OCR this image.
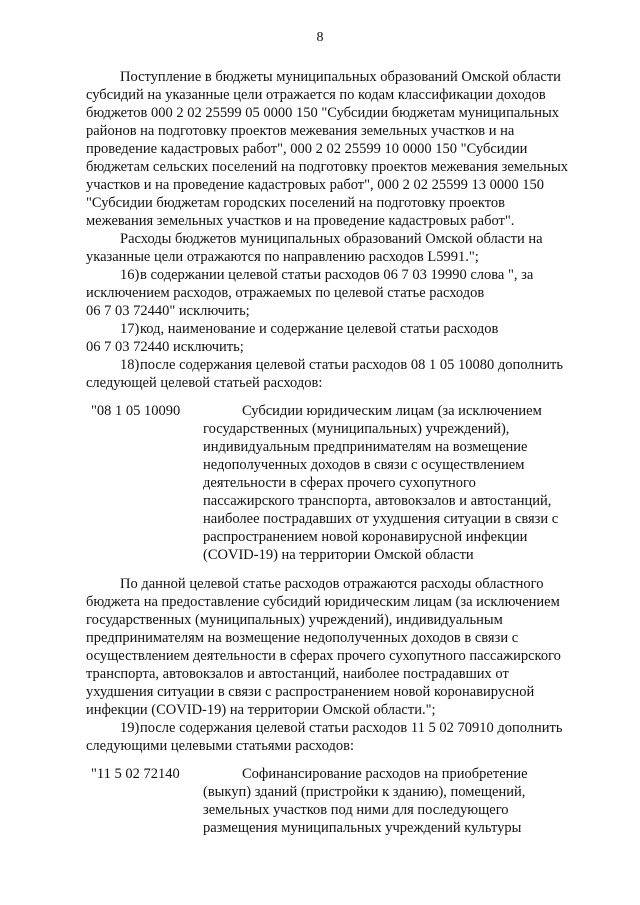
8
Поступление в бюджеты муниципальных образований Омской области
субсидий на указанные цели отражается по кодам классификации доходов
бюджетов 000 2 02 25599 05 0000 150 "Субсидии бюджетам муниципальных
районов на подготовку проектов межевания земельных участков и на
проведение кадастровых работ", 000 2 02 25599 10 0000 150 "Субсидии
бюджетам сельских поселений на подготовку проектов межевания земельных
участков и на проведение кадастровых работ", 000 2 02 25599 13 0000 150
"Субсидии бюджетам городских поселений на подготовку проектов
межевания земельных участков и на проведение кадастровых работ".
Расходы бюджетов муниципальных образований Омской области на
указанные цели отражаются по направлению расходов L5991.";
16) в содержании целевой статьи расходов 06 7 03 19990 слова ", за
исключением расходов, отражаемых по целевой статье расходов
06 7 03 72440" исключить;
17) код, наименование и содержание целевой статьи расходов
06 7 03 72440 исключить;
18) после содержания целевой статьи расходов 08 1 05 10080 дополнить
следующей целевой статьей расходов:
"08 1 05 10090	Субсидии юридическим лицам (за исключением
государственных (муниципальных) учреждений),
индивидуальным предпринимателям на возмещение
недополученных доходов в связи с осуществлением
деятельности в сферах прочего сухопутного
пассажирского транспорта, автовокзалов и автостанций,
наиболее пострадавших от ухудшения ситуации в связи с
распространением новой коронавирусной инфекции
(COVID-19) на территории Омской области
По данной целевой статье расходов отражаются расходы областного
бюджета на предоставление субсидий юридическим лицам (за исключением
государственных (муниципальных) учреждений), индивидуальным
предпринимателям на возмещение недополученных доходов в связи с
осуществлением деятельности в сферах прочего сухопутного пассажирского
транспорта, автовокзалов и автостанций, наиболее пострадавших от
ухудшения ситуации в связи с распространением новой коронавирусной
инфекции (COVID-19) на территории Омской области.";
19) после содержания целевой статьи расходов 11 5 02 70910 дополнить
следующими целевыми статьями расходов:
"11 5 02 72140	Софинансирование расходов на приобретение
(выкуп) зданий (пристройки к зданию), помещений,
земельных участков под ними для последующего
размещения муниципальных учреждений культуры
